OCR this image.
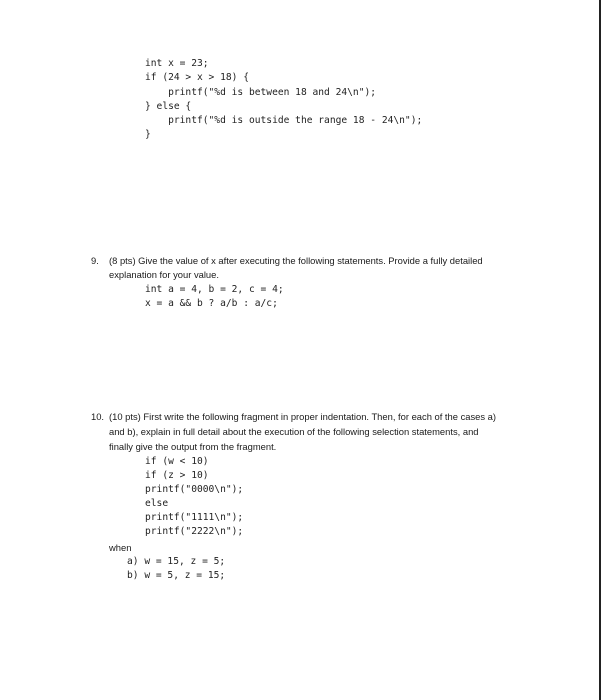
int x = 23;
if (24 > x > 18) {
printf("%d is between 18 and 24\n");
} else {
printf("%d is outside the range 18 - 24\n");
}
9. (8 pts) Give the value of x after executing the following statements. Provide a fully detailed
explanation for your value.
int a = 4, b = 2, c = 4;
x = a && b ? a/b : a/c;
10. (10 pts) First write the following fragment in proper indentation. Then, for each of the cases a)
and b), explain in full detail about the execution of the following selection statements, and
finally give the output from the fragment.
if (w < 10)
if (z > 10)
printf("0000\n");
else
printf("1111\n");
printf("2222\n");
when
a) w = 15, z = 5;
b) w = 5, z = 15;
